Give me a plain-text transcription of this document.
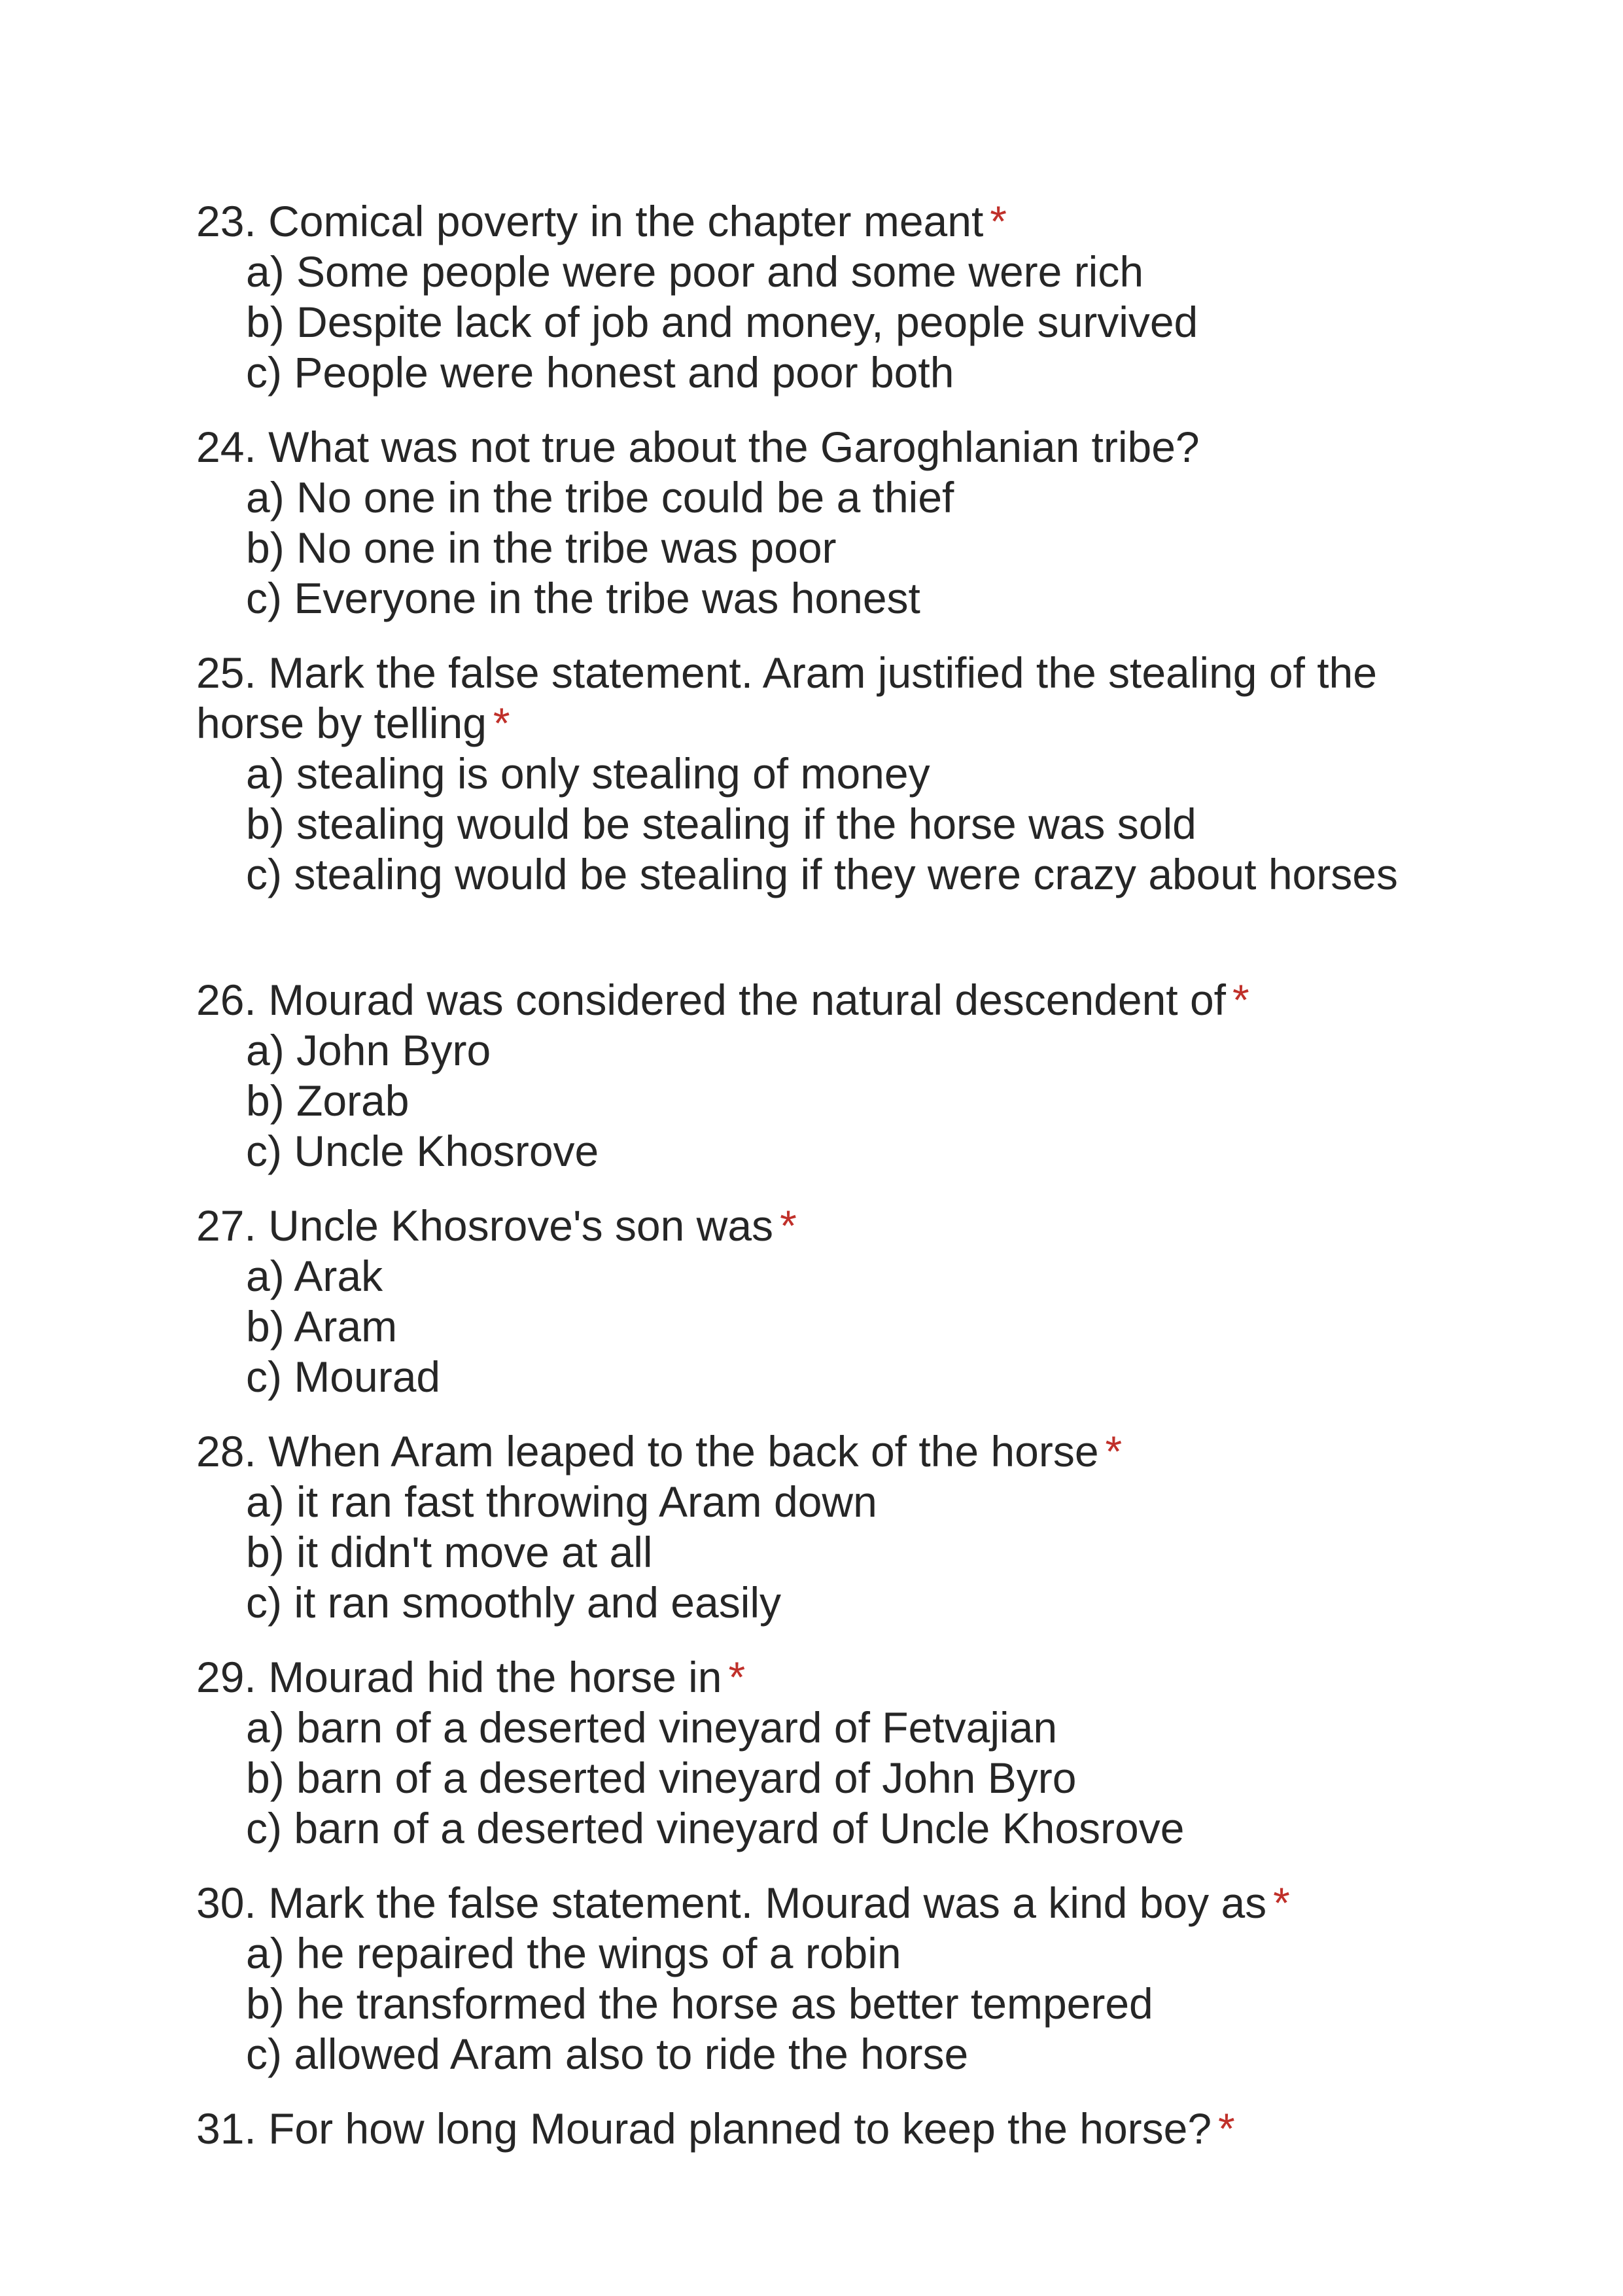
23. Comical poverty in the chapter meant *
a) Some people were poor and some were rich
b) Despite lack of job and money, people survived
c) People were honest and poor both
24. What was not true about the Garoghlanian tribe?
a) No one in the tribe could be a thief
b) No one in the tribe was poor
c) Everyone in the tribe was honest
25. Mark the false statement. Aram justified the stealing of the horse by telling *
a) stealing is only stealing of money
b) stealing would be stealing if the horse was sold
c) stealing would be stealing if they were crazy about horses
26. Mourad was considered the natural descendent of *
a) John Byro
b) Zorab
c) Uncle Khosrove
27. Uncle Khosrove's son was *
a) Arak
b) Aram
c) Mourad
28. When Aram leaped to the back of the horse *
a) it ran fast throwing Aram down
b) it didn't move at all
c) it ran smoothly and easily
29. Mourad hid the horse in *
a) barn of a deserted vineyard of Fetvajian
b) barn of a deserted vineyard of John Byro
c) barn of a deserted vineyard of Uncle Khosrove
30. Mark the false statement. Mourad was a kind boy as *
a) he repaired the wings of a robin
b) he transformed the horse as better tempered
c) allowed Aram also to ride the horse
31. For how long Mourad planned to keep the horse? *
